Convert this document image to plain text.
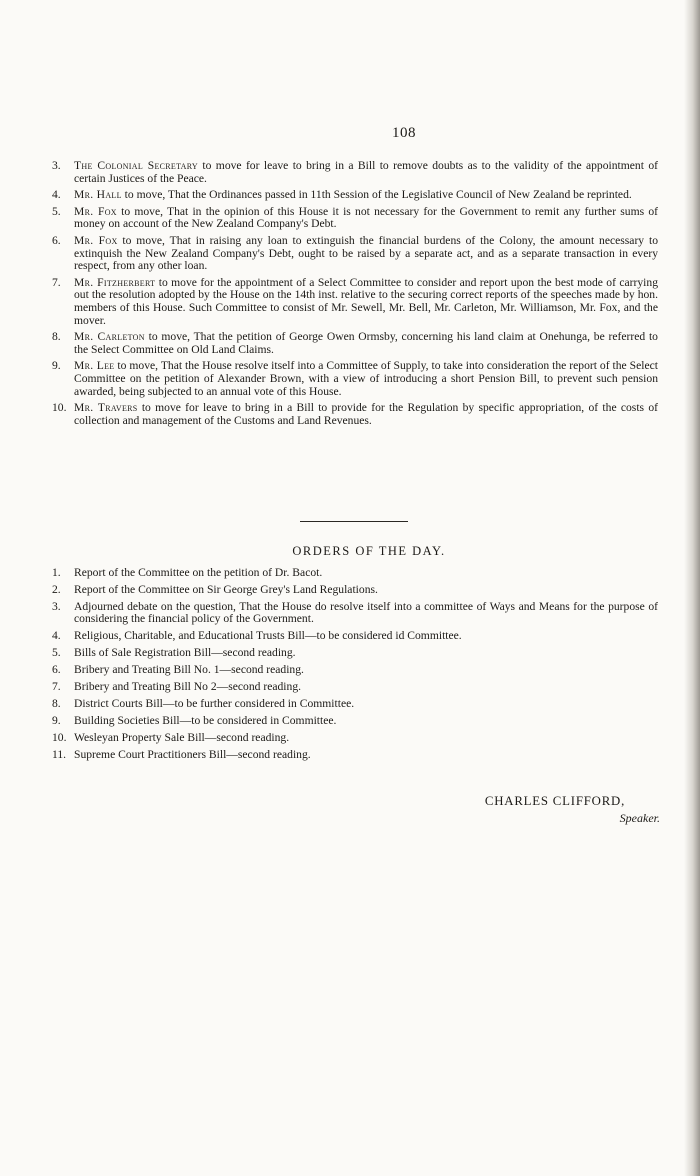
108
3. The Colonial Secretary to move for leave to bring in a Bill to remove doubts as to the validity of the appointment of certain Justices of the Peace.
4. Mr. Hall to move, That the Ordinances passed in 11th Session of the Legislative Council of New Zealand be reprinted.
5. Mr. Fox to move, That in the opinion of this House it is not necessary for the Government to remit any further sums of money on account of the New Zealand Company's Debt.
6. Mr. Fox to move, That in raising any loan to extinguish the financial burdens of the Colony, the amount necessary to extinquish the New Zealand Company's Debt, ought to be raised by a separate act, and as a separate transaction in every respect, from any other loan.
7. Mr. Fitzherbert to move for the appointment of a Select Committee to consider and report upon the best mode of carrying out the resolution adopted by the House on the 14th inst. relative to the securing correct reports of the speeches made by hon. members of this House. Such Committee to consist of Mr. Sewell, Mr. Bell, Mr. Carleton, Mr. Williamson, Mr. Fox, and the mover.
8. Mr. Carleton to move, That the petition of George Owen Ormsby, concerning his land claim at Onehunga, be referred to the Select Committee on Old Land Claims.
9. Mr. Lee to move, That the House resolve itself into a Committee of Supply, to take into consideration the report of the Select Committee on the petition of Alexander Brown, with a view of introducing a short Pension Bill, to prevent such pension awarded, being subjected to an annual vote of this House.
10. Mr. Travers to move for leave to bring in a Bill to provide for the Regulation by specific appropriation, of the costs of collection and management of the Customs and Land Revenues.
ORDERS OF THE DAY.
1. Report of the Committee on the petition of Dr. Bacot.
2. Report of the Committee on Sir George Grey's Land Regulations.
3. Adjourned debate on the question, That the House do resolve itself into a committee of Ways and Means for the purpose of considering the financial policy of the Government.
4. Religious, Charitable, and Educational Trusts Bill—to be considered id Committee.
5. Bills of Sale Registration Bill—second reading.
6. Bribery and Treating Bill No. 1—second reading.
7. Bribery and Treating Bill No 2—second reading.
8. District Courts Bill—to be further considered in Committee.
9. Building Societies Bill—to be considered in Committee.
10. Wesleyan Property Sale Bill—second reading.
11. Supreme Court Practitioners Bill—second reading.
CHARLES CLIFFORD,
Speaker.
